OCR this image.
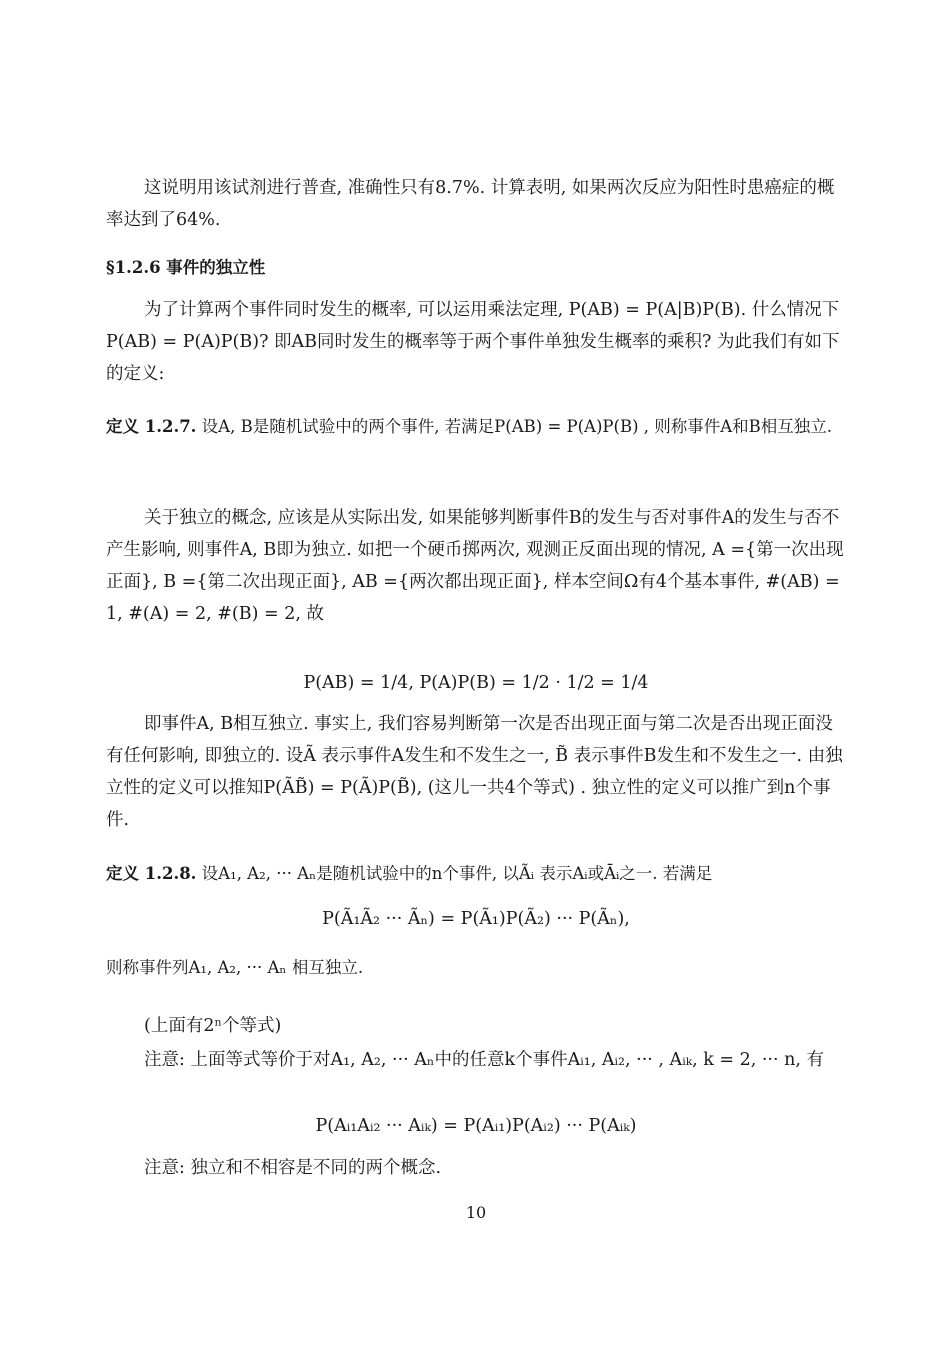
这说明用该试剂进行普查, 准确性只有8.7%. 计算表明, 如果两次反应为阳性时患癌症的概率达到了64%.
§1.2.6 事件的独立性
为了计算两个事件同时发生的概率, 可以运用乘法定理, P(AB) = P(A|B)P(B). 什么情况下P(AB) = P(A)P(B)? 即AB同时发生的概率等于两个事件单独发生概率的乘积? 为此我们有如下的定义:
定义 1.2.7. 设A, B是随机试验中的两个事件, 若满足P(AB) = P(A)P(B) , 则称事件A和B相互独立.
关于独立的概念, 应该是从实际出发, 如果能够判断事件B的发生与否对事件A的发生与否不产生影响, 则事件A, B即为独立. 如把一个硬币掷两次, 观测正反面出现的情况, A ={第一次出现正面}, B ={第二次出现正面}, AB ={两次都出现正面}, 样本空间Ω有4个基本事件, #(AB) = 1, #(A) = 2, #(B) = 2, 故
P(AB) = 1/4, P(A)P(B) = 1/2 · 1/2 = 1/4
即事件A, B相互独立. 事实上, 我们容易判断第一次是否出现正面与第二次是否出现正面没有任何影响, 即独立的. 设Ã 表示事件A发生和不发生之一, B̃ 表示事件B发生和不发生之一. 由独立性的定义可以推知P(ÃB̃) = P(Ã)P(B̃), (这儿一共4个等式) . 独立性的定义可以推广到n个事件.
定义 1.2.8. 设A₁, A₂, ··· Aₙ是随机试验中的n个事件, 以Ãᵢ 表示Aᵢ或Āᵢ之一. 若满足
P(Ã₁Ã₂ ··· Ãₙ) = P(Ã₁)P(Ã₂) ··· P(Ãₙ),
则称事件列A₁, A₂, ··· Aₙ 相互独立.
(上面有2ⁿ个等式)
注意: 上面等式等价于对A₁, A₂, ··· Aₙ中的任意k个事件Aᵢ₁, Aᵢ₂, ··· , Aᵢₖ, k = 2, ··· n, 有
P(Aᵢ₁Aᵢ₂ ··· Aᵢₖ) = P(Aᵢ₁)P(Aᵢ₂) ··· P(Aᵢₖ)
注意: 独立和不相容是不同的两个概念.
10
